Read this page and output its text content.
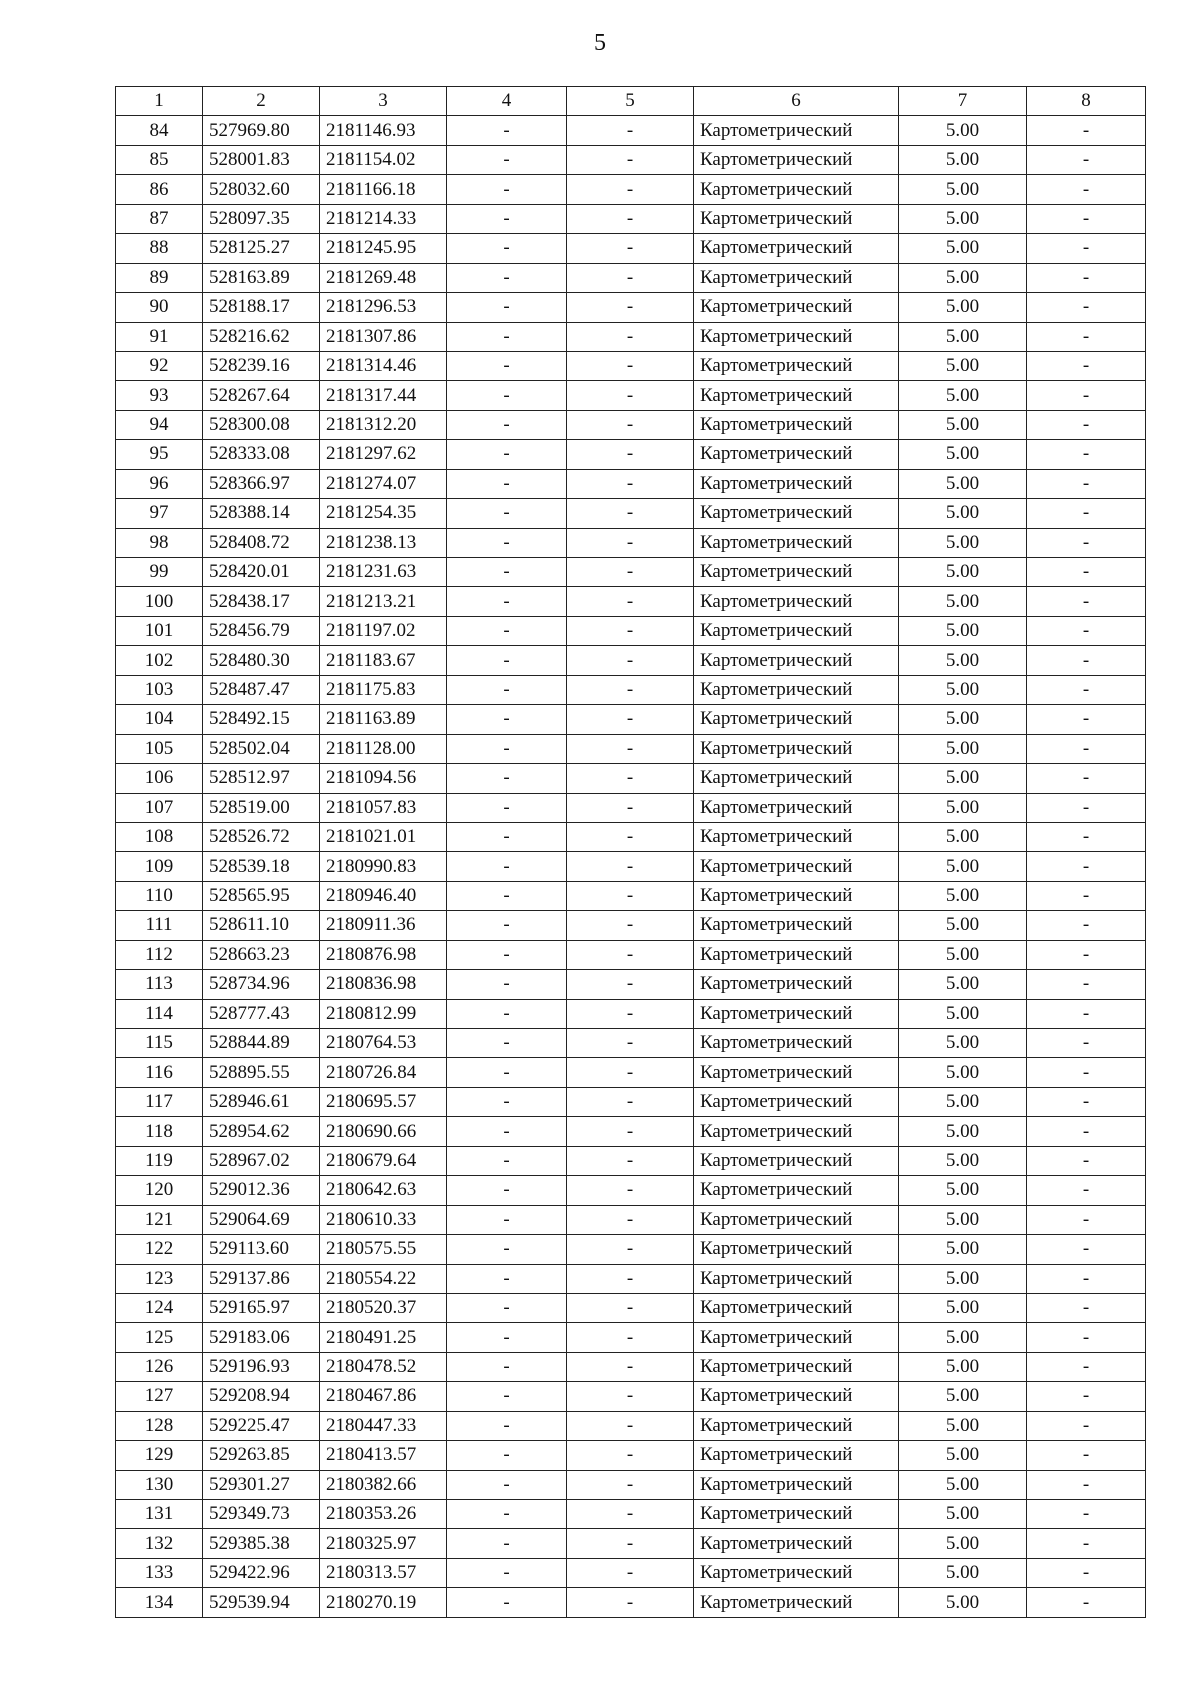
5
1	2	3	4	5	6	7	8
84	527969.80	2181146.93	-	-	Картометрический	5.00	-
85	528001.83	2181154.02	-	-	Картометрический	5.00	-
86	528032.60	2181166.18	-	-	Картометрический	5.00	-
87	528097.35	2181214.33	-	-	Картометрический	5.00	-
88	528125.27	2181245.95	-	-	Картометрический	5.00	-
89	528163.89	2181269.48	-	-	Картометрический	5.00	-
90	528188.17	2181296.53	-	-	Картометрический	5.00	-
91	528216.62	2181307.86	-	-	Картометрический	5.00	-
92	528239.16	2181314.46	-	-	Картометрический	5.00	-
93	528267.64	2181317.44	-	-	Картометрический	5.00	-
94	528300.08	2181312.20	-	-	Картометрический	5.00	-
95	528333.08	2181297.62	-	-	Картометрический	5.00	-
96	528366.97	2181274.07	-	-	Картометрический	5.00	-
97	528388.14	2181254.35	-	-	Картометрический	5.00	-
98	528408.72	2181238.13	-	-	Картометрический	5.00	-
99	528420.01	2181231.63	-	-	Картометрический	5.00	-
100	528438.17	2181213.21	-	-	Картометрический	5.00	-
101	528456.79	2181197.02	-	-	Картометрический	5.00	-
102	528480.30	2181183.67	-	-	Картометрический	5.00	-
103	528487.47	2181175.83	-	-	Картометрический	5.00	-
104	528492.15	2181163.89	-	-	Картометрический	5.00	-
105	528502.04	2181128.00	-	-	Картометрический	5.00	-
106	528512.97	2181094.56	-	-	Картометрический	5.00	-
107	528519.00	2181057.83	-	-	Картометрический	5.00	-
108	528526.72	2181021.01	-	-	Картометрический	5.00	-
109	528539.18	2180990.83	-	-	Картометрический	5.00	-
110	528565.95	2180946.40	-	-	Картометрический	5.00	-
111	528611.10	2180911.36	-	-	Картометрический	5.00	-
112	528663.23	2180876.98	-	-	Картометрический	5.00	-
113	528734.96	2180836.98	-	-	Картометрический	5.00	-
114	528777.43	2180812.99	-	-	Картометрический	5.00	-
115	528844.89	2180764.53	-	-	Картометрический	5.00	-
116	528895.55	2180726.84	-	-	Картометрический	5.00	-
117	528946.61	2180695.57	-	-	Картометрический	5.00	-
118	528954.62	2180690.66	-	-	Картометрический	5.00	-
119	528967.02	2180679.64	-	-	Картометрический	5.00	-
120	529012.36	2180642.63	-	-	Картометрический	5.00	-
121	529064.69	2180610.33	-	-	Картометрический	5.00	-
122	529113.60	2180575.55	-	-	Картометрический	5.00	-
123	529137.86	2180554.22	-	-	Картометрический	5.00	-
124	529165.97	2180520.37	-	-	Картометрический	5.00	-
125	529183.06	2180491.25	-	-	Картометрический	5.00	-
126	529196.93	2180478.52	-	-	Картометрический	5.00	-
127	529208.94	2180467.86	-	-	Картометрический	5.00	-
128	529225.47	2180447.33	-	-	Картометрический	5.00	-
129	529263.85	2180413.57	-	-	Картометрический	5.00	-
130	529301.27	2180382.66	-	-	Картометрический	5.00	-
131	529349.73	2180353.26	-	-	Картометрический	5.00	-
132	529385.38	2180325.97	-	-	Картометрический	5.00	-
133	529422.96	2180313.57	-	-	Картометрический	5.00	-
134	529539.94	2180270.19	-	-	Картометрический	5.00	-
